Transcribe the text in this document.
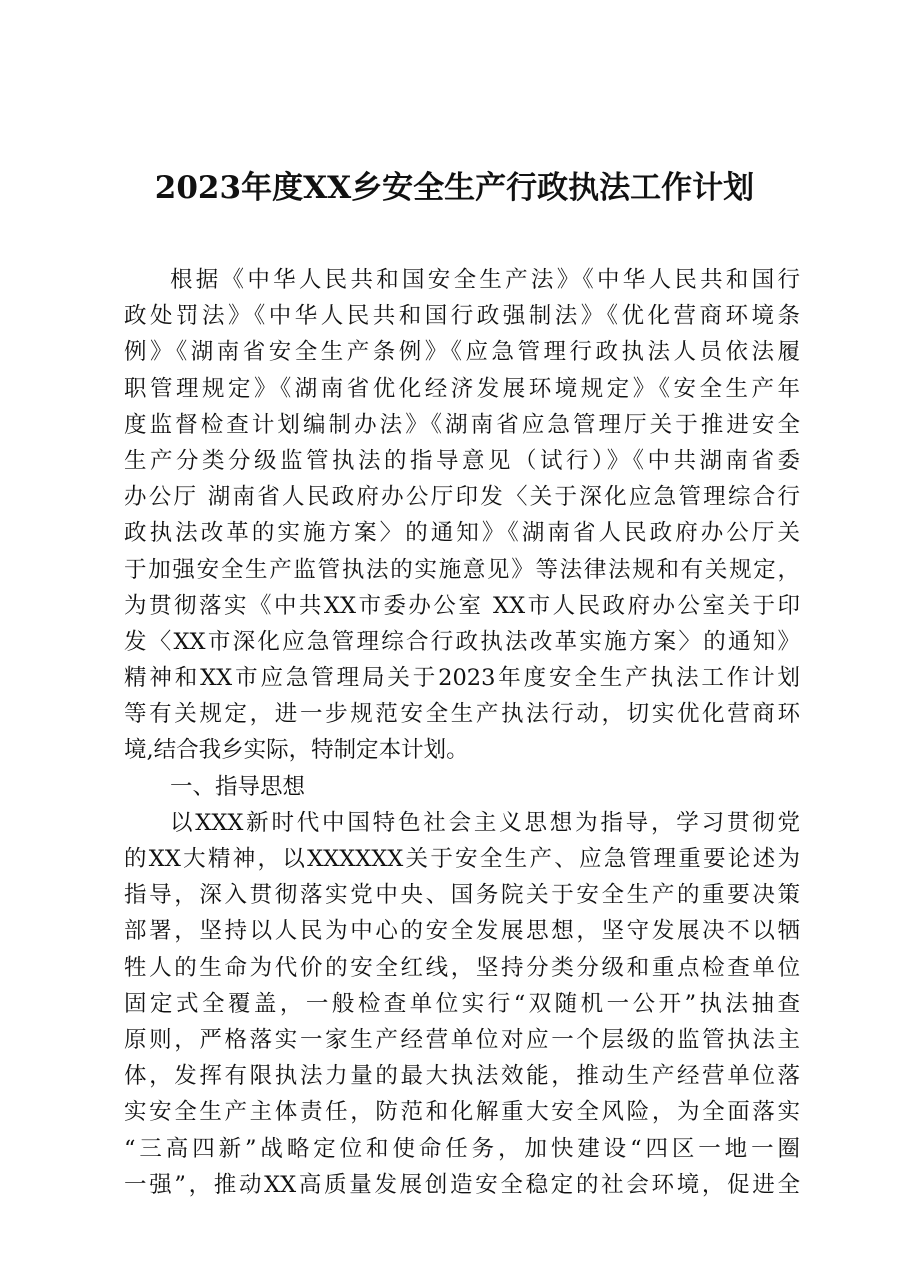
2023年度XX乡安全生产行政执法工作计划
根据《中华人民共和国安全生产法》《中华人民共和国行
政处罚法》《中华人民共和国行政强制法》《优化营商环境条
例》《湖南省安全生产条例》《应急管理行政执法人员依法履
职管理规定》《湖南省优化经济发展环境规定》《安全生产年
度监督检查计划编制办法》《湖南省应急管理厅关于推进安全
生产分类分级监管执法的指导意见（试行）》《中共湖南省委
办公厅 湖南省人民政府办公厅印发〈关于深化应急管理综合行
政执法改革的实施方案〉的通知》《湖南省人民政府办公厅关
于加强安全生产监管执法的实施意见》等法律法规和有关规定，
为贯彻落实《中共XX市委办公室 XX市人民政府办公室关于印
发〈XX市深化应急管理综合行政执法改革实施方案〉的通知》
精神和XX市应急管理局关于2023年度安全生产执法工作计划
等有关规定，进一步规范安全生产执法行动，切实优化营商环
境,结合我乡实际，特制定本计划。
一、指导思想
以XXX新时代中国特色社会主义思想为指导，学习贯彻党
的XX大精神，以XXXXXX关于安全生产、应急管理重要论述为
指导，深入贯彻落实党中央、国务院关于安全生产的重要决策
部署，坚持以人民为中心的安全发展思想，坚守发展决不以牺
牲人的生命为代价的安全红线，坚持分类分级和重点检查单位
固定式全覆盖，一般检查单位实行“双随机一公开”执法抽查
原则，严格落实一家生产经营单位对应一个层级的监管执法主
体，发挥有限执法力量的最大执法效能，推动生产经营单位落
实安全生产主体责任，防范和化解重大安全风险，为全面落实
“三高四新”战略定位和使命任务，加快建设“四区一地一圈
一强”，推动XX高质量发展创造安全稳定的社会环境，促进全
